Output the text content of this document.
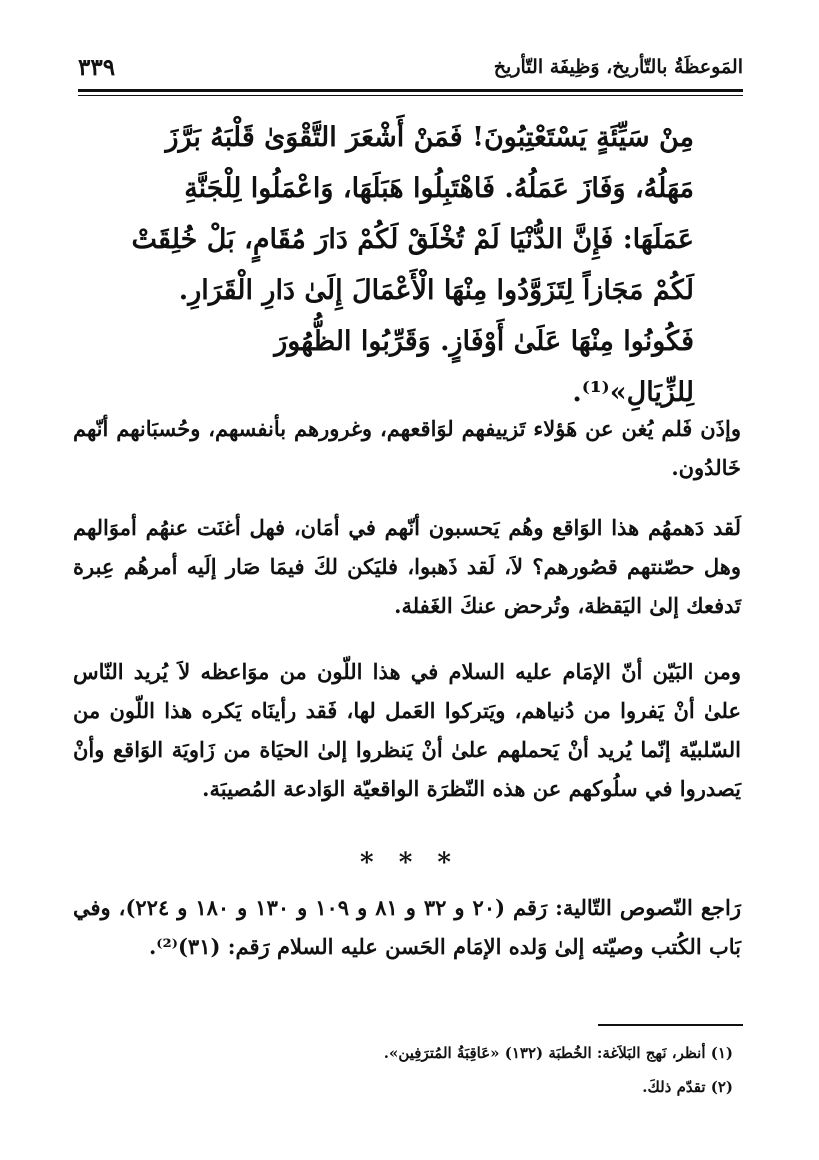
المَوعظَةُ بالتّأريخ، وَظِيفَة التّأريخ
٣٣٩
مِنْ سَيِّئَةٍ يَسْتَعْتِبُونَ! فَمَنْ أَشْعَرَ التَّقْوَىٰ قَلْبَهُ بَرَّزَ
مَهَلُهُ، وَفَازَ عَمَلُهُ. فَاهْتَبِلُوا هَبَلَهَا، وَاعْمَلُوا لِلْجَنَّةِ
عَمَلَهَا: فَإِنَّ الدُّنْيَا لَمْ تُخْلَقْ لَكُمْ دَارَ مُقَامٍ، بَلْ خُلِقَتْ
لَكُمْ مَجَازاً لِتَزَوَّدُوا مِنْهَا الْأَعْمَالَ إِلَىٰ دَارِ الْقَرَارِ.
فَكُونُوا مِنْهَا عَلَىٰ أَوْفَازٍ. وَقَرِّبُوا الظُّهُورَ
لِلزِّيَالِ»⁽¹⁾.
وإذَن فَلم يُغن عن هَؤلاء تَزييفهم لوَاقعهم، وغرورهم بأنفسهم، وحُسبَانهم أنّهم خَالدُون.
لَقد دَهمهُم هذا الوَاقع وهُم يَحسبون أنّهم في أمَان، فهل أغنَت عنهُم أموَالهم وهل حصّنتهم قصُورهم؟ لاَ، لَقد ذَهبوا، فليَكن لكَ فيمَا صَار إلَيه أمرهُم عِبرة تَدفعك إلىٰ اليَقظة، وتُرحض عنكَ الغَفلة.
ومن البَيّن أنّ الإمَام عليه السلام في هذا اللّون من موَاعظه لاَ يُريد النّاس علىٰ أنْ يَفروا من دُنياهم، ويَتركوا العَمل لها، فَقد رأينَاه يَكره هذا اللّون من السّلبيّة إنّما يُريد أنْ يَحملهم علىٰ أنْ يَنظروا إلىٰ الحيَاة من زَاويَة الوَاقع وأنْ يَصدروا في سلُوكهم عن هذه النّظرَة الواقعيّة الوَادعة المُصيبَة.
* * *
رَاجع النّصوص التّالية: رَقم (٢٠ و ٣٢ و ٨١ و ١٠٩ و ١٣٠ و ١٨٠ و ٢٢٤)، وفي بَاب الكُتب وصيّته إلىٰ وَلده الإمَام الحَسن عليه السلام رَقم: (٣١)⁽²⁾.
(١) أنظر، نَهج البَلاَغة: الخُطبَة (١٣٢) «عَاقِبَةُ المُترَفِين».
(٢) تقدّم ذلكَ.
